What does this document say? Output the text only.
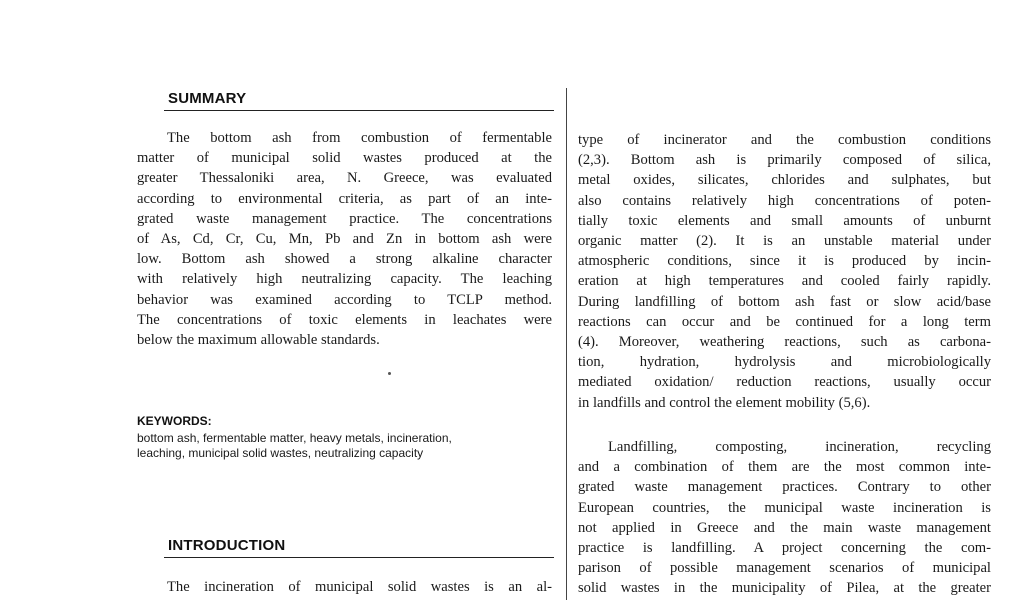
SUMMARY
The bottom ash from combustion of fermentable
matter of municipal solid wastes produced at the
greater Thessaloniki area, N. Greece, was evaluated
according to environmental criteria, as part of an inte-
grated waste management practice. The concentrations
of As, Cd, Cr, Cu, Mn, Pb and Zn in bottom ash were
low. Bottom ash showed a strong alkaline character
with relatively high neutralizing capacity. The leaching
behavior was examined according to TCLP method.
The concentrations of toxic elements in leachates were
below the maximum allowable standards.
KEYWORDS:
bottom ash, fermentable matter, heavy metals, incineration,
leaching, municipal solid wastes, neutralizing capacity
INTRODUCTION
The incineration of municipal solid wastes is an al-
type of incinerator and the combustion conditions
(2,3). Bottom ash is primarily composed of silica,
metal oxides, silicates, chlorides and sulphates, but
also contains relatively high concentrations of poten-
tially toxic elements and small amounts of unburnt
organic matter (2). It is an unstable material under
atmospheric conditions, since it is produced by incin-
eration at high temperatures and cooled fairly rapidly.
During landfilling of bottom ash fast or slow acid/base
reactions can occur and be continued for a long term
(4). Moreover, weathering reactions, such as carbona-
tion, hydration, hydrolysis and microbiologically
mediated oxidation/ reduction reactions, usually occur
in landfills and control the element mobility (5,6).
Landfilling, composting, incineration, recycling
and a combination of them are the most common inte-
grated waste management practices. Contrary to other
European countries, the municipal waste incineration is
not applied in Greece and the main waste management
practice is landfilling. A project concerning the com-
parison of possible management scenarios of municipal
solid wastes in the municipality of Pilea, at the greater
